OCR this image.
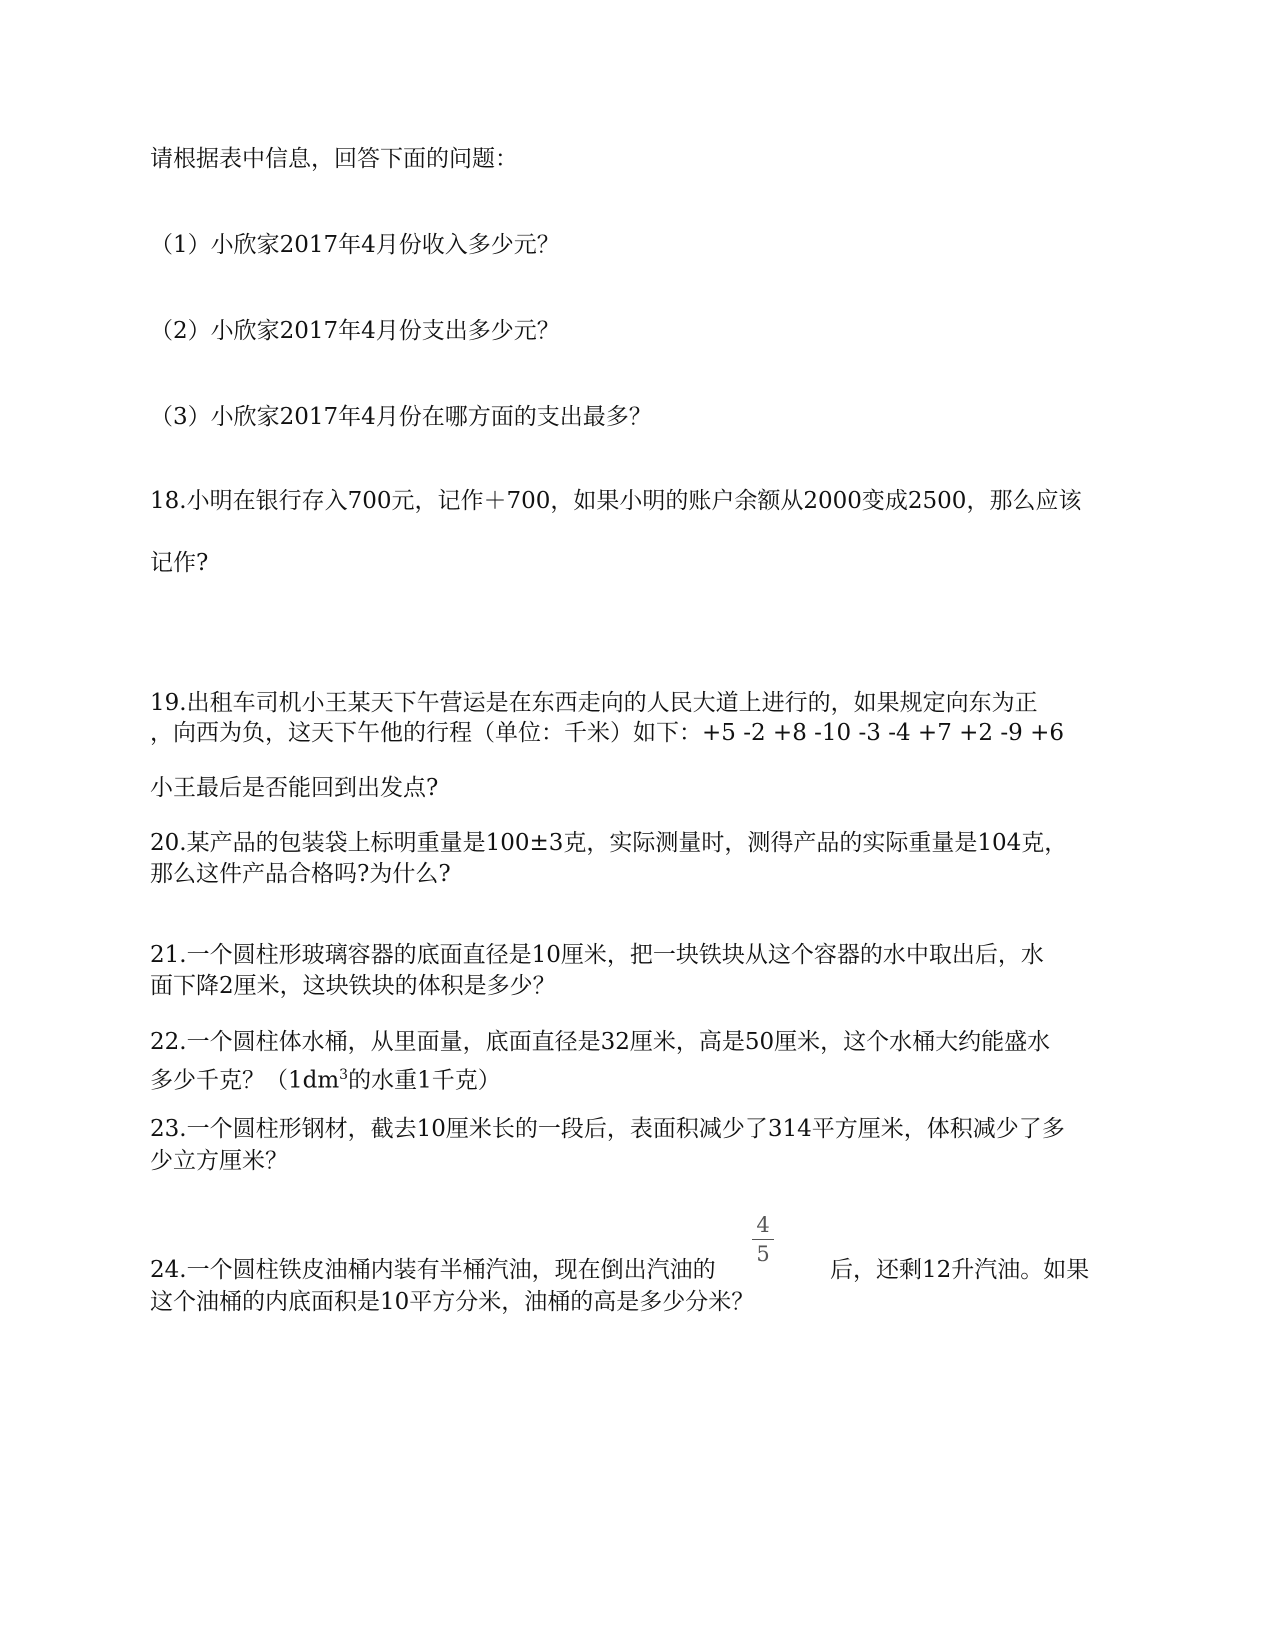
请根据表中信息，回答下面的问题：
（1）小欣家2017年4月份收入多少元？
（2）小欣家2017年4月份支出多少元？
（3）小欣家2017年4月份在哪方面的支出最多？
18.小明在银行存入700元，记作＋700，如果小明的账户余额从2000变成2500，那么应该
记作?
19.出租车司机小王某天下午营运是在东西走向的人民大道上进行的，如果规定向东为正
，向西为负，这天下午他的行程（单位：千米）如下：+5 -2 +8 -10 -3 -4 +7 +2 -9 +6
小王最后是否能回到出发点?
20.某产品的包装袋上标明重量是100±3克，实际测量时，测得产品的实际重量是104克，
那么这件产品合格吗?为什么?
21.一个圆柱形玻璃容器的底面直径是10厘米，把一块铁块从这个容器的水中取出后，水
面下降2厘米，这块铁块的体积是多少？
22.一个圆柱体水桶，从里面量，底面直径是32厘米，高是50厘米，这个水桶大约能盛水
多少千克？（$1dm^3$的水重1千克）
23.一个圆柱形钢材，截去10厘米长的一段后，表面积减少了314平方厘米，体积减少了多
少立方厘米？
24.一个圆柱铁皮油桶内装有半桶汽油，现在倒出汽油的
4
5
后，还剩12升汽油。如果
这个油桶的内底面积是10平方分米，油桶的高是多少分米？
